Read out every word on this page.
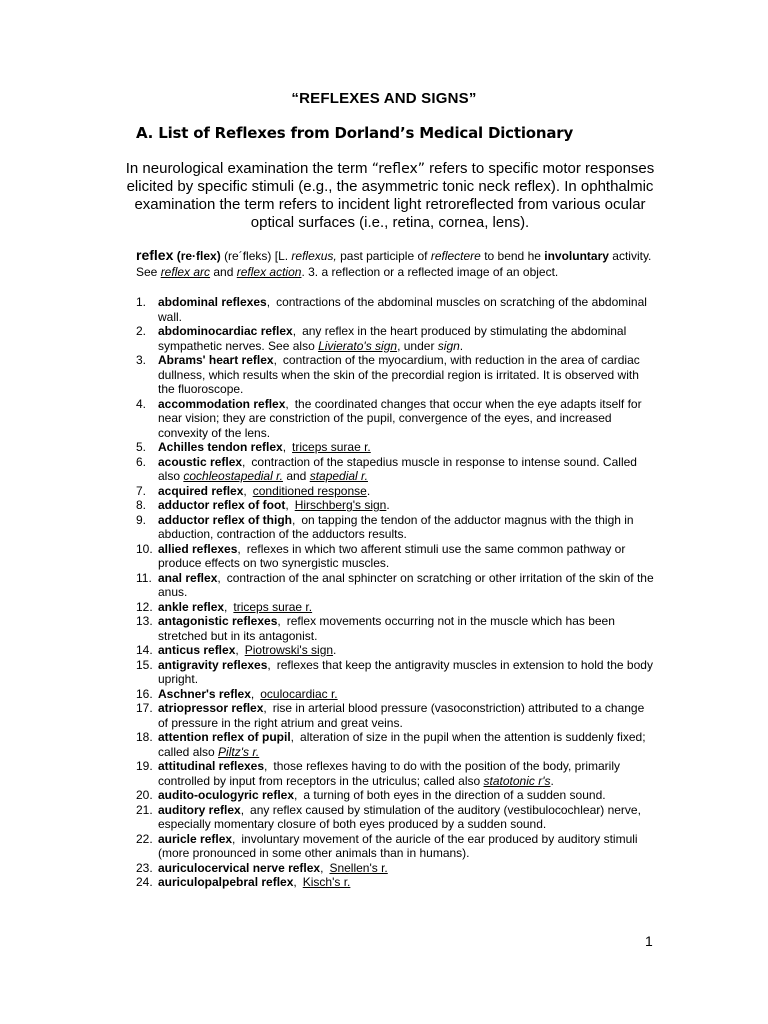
“REFLEXES AND SIGNS”
A. List of Reflexes from Dorland’s Medical Dictionary
In neurological examination the term “reflex” refers to specific motor responses elicited by specific stimuli (e.g., the asymmetric tonic neck reflex). In ophthalmic examination the term refers to incident light retroreflected from various ocular optical surfaces (i.e., retina, cornea, lens).
reflex (re·flex) (re´fleks) [L. reflexus, past participle of reflectere to bend he involuntary activity. See reflex arc and reflex action. 3. a reflection or a reflected image of an object.
1. abdominal reflexes, contractions of the abdominal muscles on scratching of the abdominal wall.
2. abdominocardiac reflex, any reflex in the heart produced by stimulating the abdominal sympathetic nerves. See also Livierato's sign, under sign.
3. Abrams' heart reflex, contraction of the myocardium, with reduction in the area of cardiac dullness, which results when the skin of the precordial region is irritated. It is observed with the fluoroscope.
4. accommodation reflex, the coordinated changes that occur when the eye adapts itself for near vision; they are constriction of the pupil, convergence of the eyes, and increased convexity of the lens.
5. Achilles tendon reflex, triceps surae r.
6. acoustic reflex, contraction of the stapedius muscle in response to intense sound. Called also cochleostapedial r. and stapedial r.
7. acquired reflex, conditioned response.
8. adductor reflex of foot, Hirschberg's sign.
9. adductor reflex of thigh, on tapping the tendon of the adductor magnus with the thigh in abduction, contraction of the adductors results.
10. allied reflexes, reflexes in which two afferent stimuli use the same common pathway or produce effects on two synergistic muscles.
11. anal reflex, contraction of the anal sphincter on scratching or other irritation of the skin of the anus.
12. ankle reflex, triceps surae r.
13. antagonistic reflexes, reflex movements occurring not in the muscle which has been stretched but in its antagonist.
14. anticus reflex, Piotrowski's sign.
15. antigravity reflexes, reflexes that keep the antigravity muscles in extension to hold the body upright.
16. Aschner's reflex, oculocardiac r.
17. atriopressor reflex, rise in arterial blood pressure (vasoconstriction) attributed to a change of pressure in the right atrium and great veins.
18. attention reflex of pupil, alteration of size in the pupil when the attention is suddenly fixed; called also Piltz's r.
19. attitudinal reflexes, those reflexes having to do with the position of the body, primarily controlled by input from receptors in the utriculus; called also statotonic r's.
20. audito-oculogyric reflex, a turning of both eyes in the direction of a sudden sound.
21. auditory reflex, any reflex caused by stimulation of the auditory (vestibulocochlear) nerve, especially momentary closure of both eyes produced by a sudden sound.
22. auricle reflex, involuntary movement of the auricle of the ear produced by auditory stimuli (more pronounced in some other animals than in humans).
23. auriculocervical nerve reflex, Snellen's r.
24. auriculopalpebral reflex, Kisch's r.
1
